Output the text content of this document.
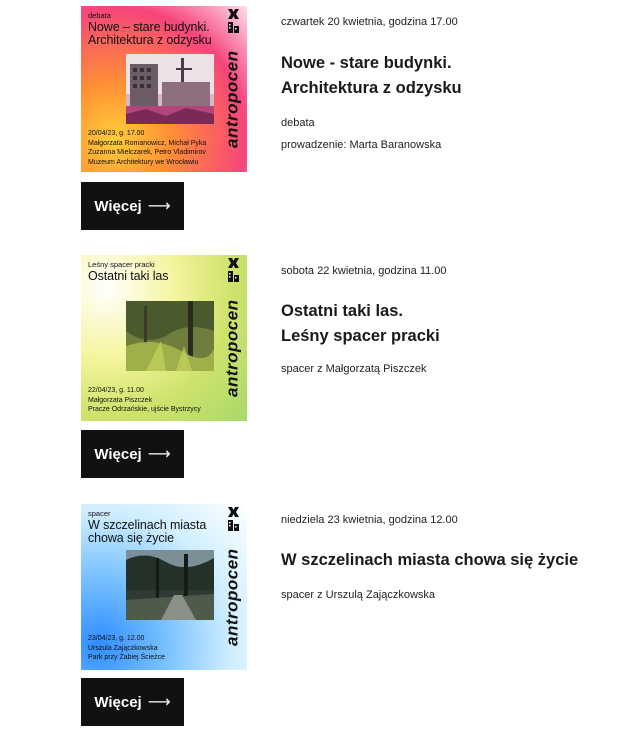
debata
Nowe – stare budynki.
Architektura z odzysku
20/04/23, g. 17.00
Małgorzata Romanowicz, Michał Pyka
Zuzanna Mielczarek, Petro Vladimirov
Muzeum Architektury we Wrocławiu
antropocen
Więcej ⟶
czwartek 20 kwietnia, godzina 17.00
Nowe - stare budynki.
Architektura z odzysku
debata
prowadzenie: Marta Baranowska
Leśny spacer pracki
Ostatni taki las
22/04/23, g. 11.00
Małgorzata Piszczek
Pracze Odrzańskie, ujście Bystrzycy
antropocen
Więcej ⟶
sobota 22 kwietnia, godzina 11.00
Ostatni taki las.
Leśny spacer pracki
spacer z Małgorzatą Piszczek
spacer
W szczelinach miasta
chowa się życie
23/04/23, g. 12.00
Urszula Zajączkowska
Park przy Żabiej Ścieżce
antropocen
Więcej ⟶
niedziela 23 kwietnia, godzina 12.00
W szczelinach miasta chowa się życie
spacer z Urszulą Zajączkowska
